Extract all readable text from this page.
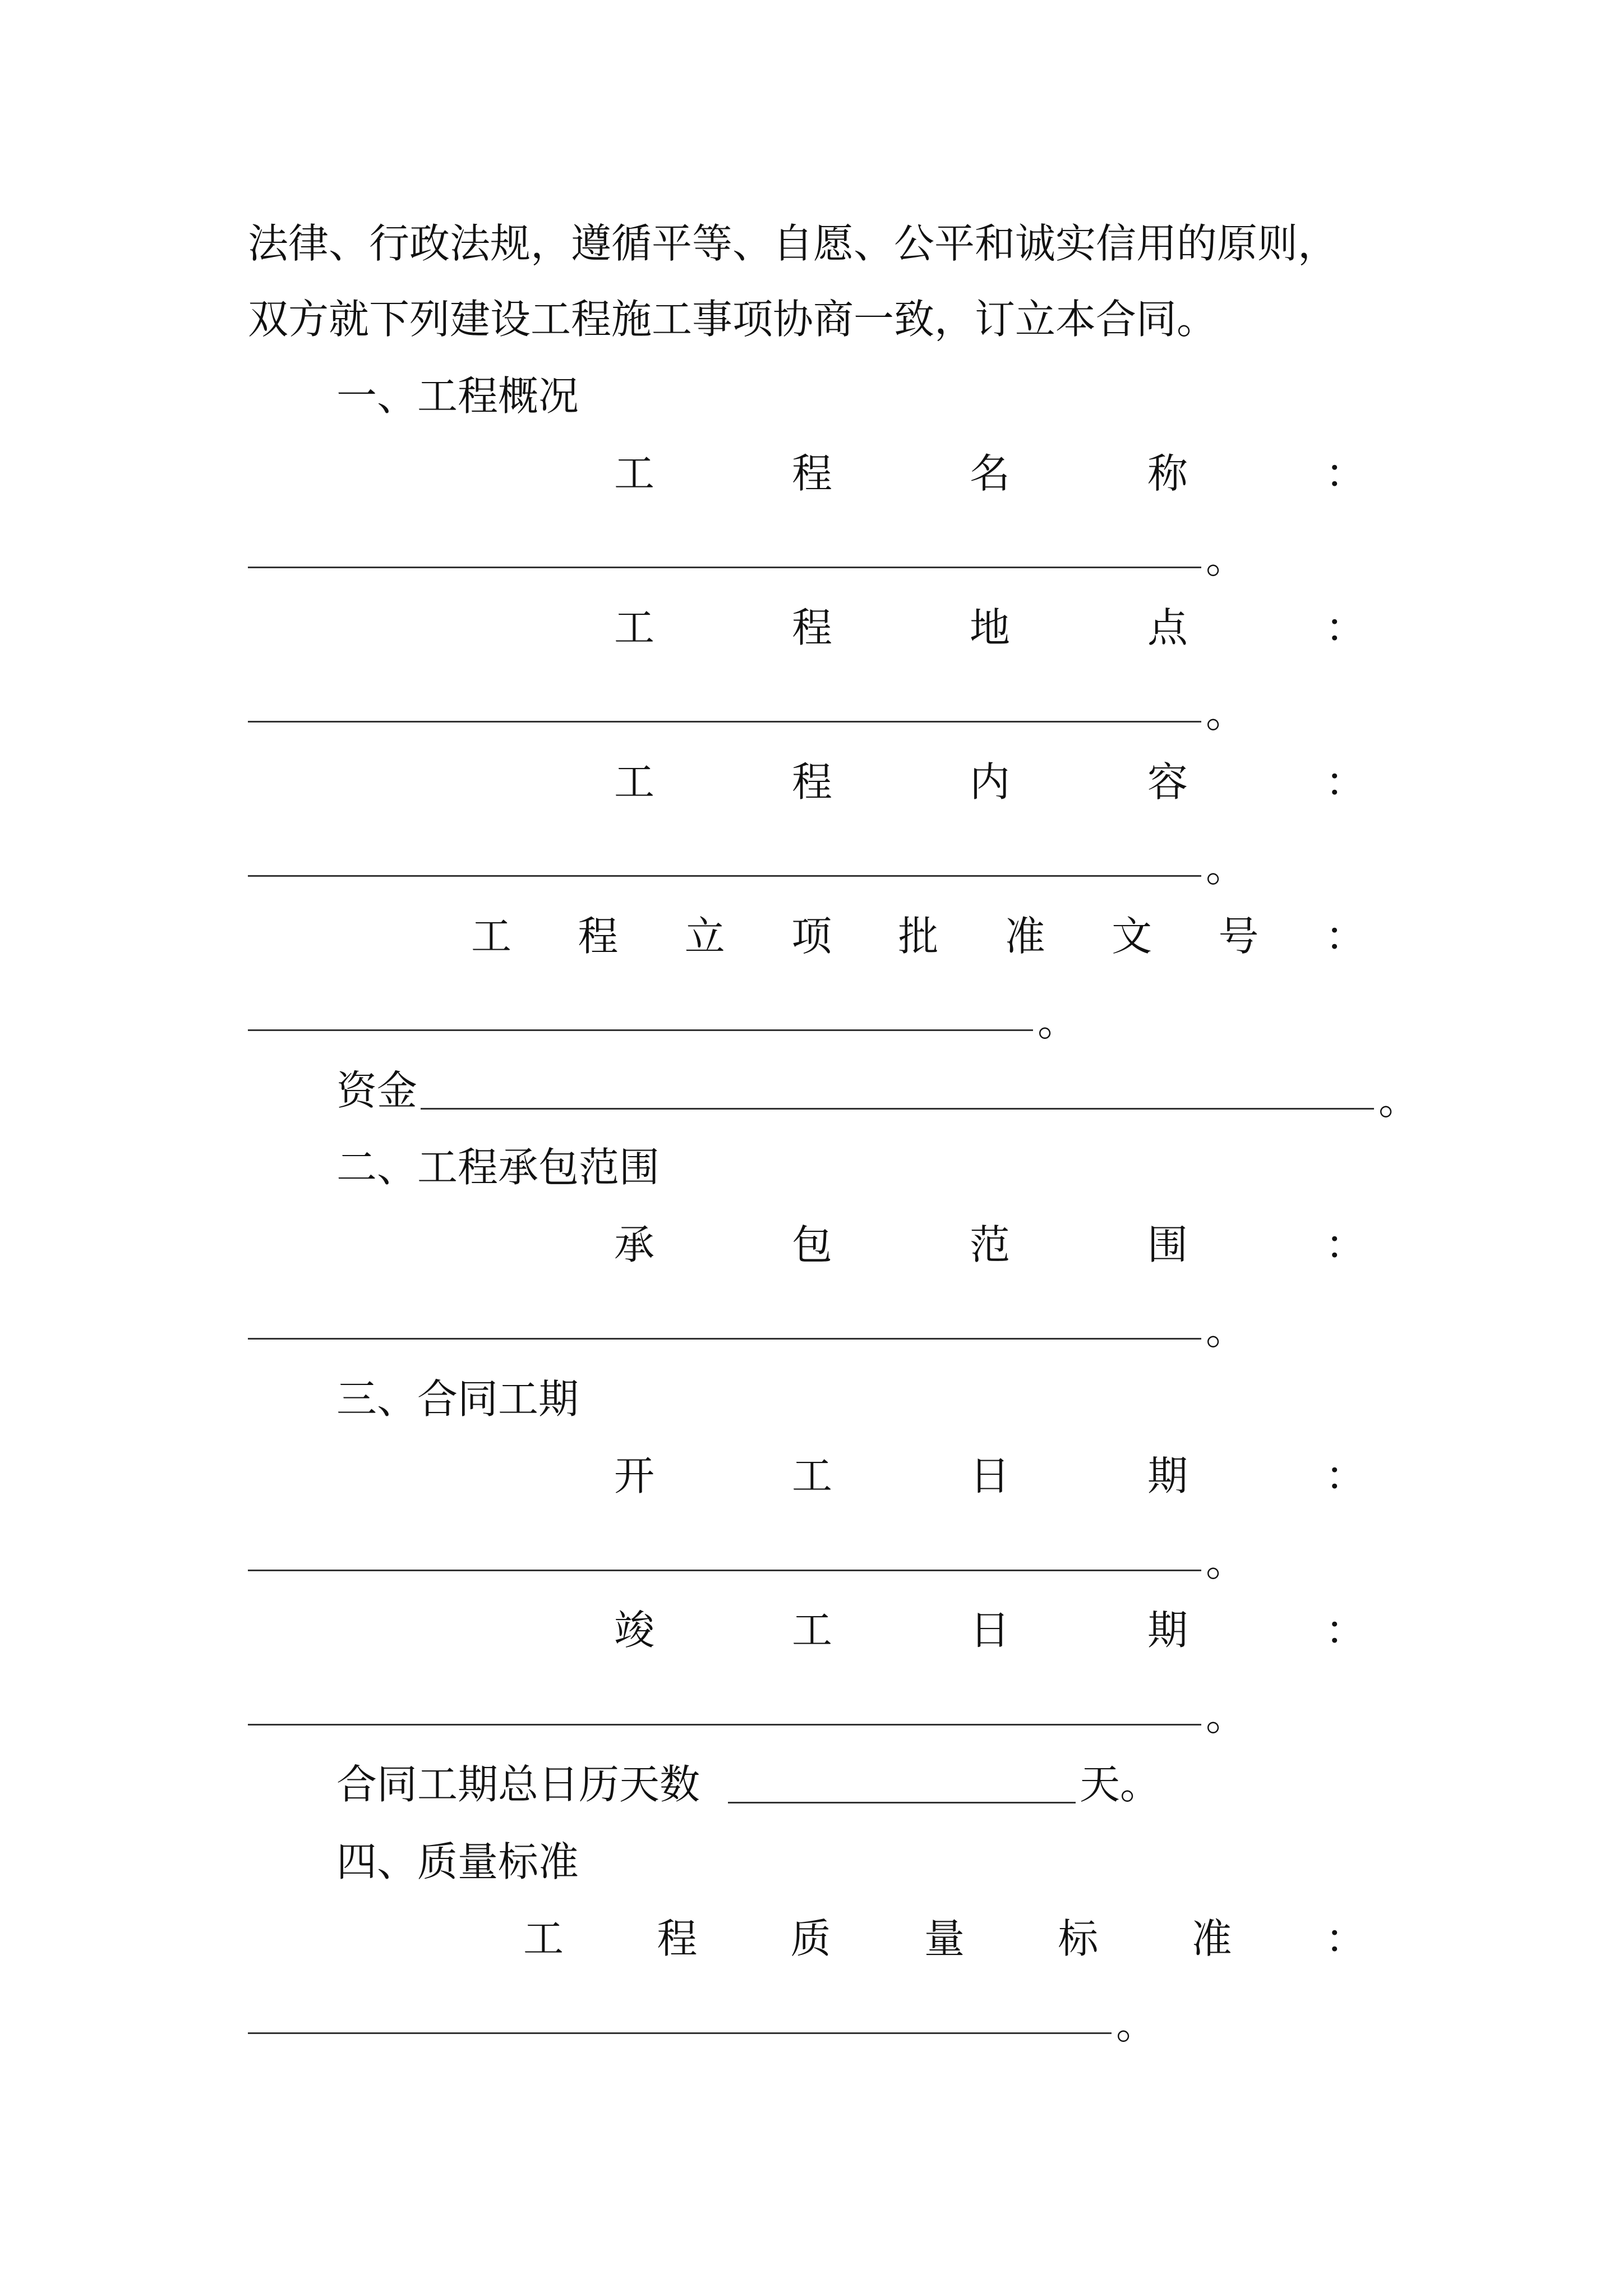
法律、行政法规，遵循平等、自愿、公平和诚实信用的原则，
双方就下列建设工程施工事项协商一致，订立本合同。
一、工程概况
工	程	名	称	：
。
工	程	地	点	：
。
工	程	内	容	：
。
工 程 立 项 批 准 文 号 ：
。
资金	。
二、工程承包范围
承	包	范	围	：
。
三、合同工期
开	工	日	期	：
。
竣	工	日	期	：
。
合同工期总日历天数	天。
四、质量标准
工 程 质 量 标 准 ：
。
